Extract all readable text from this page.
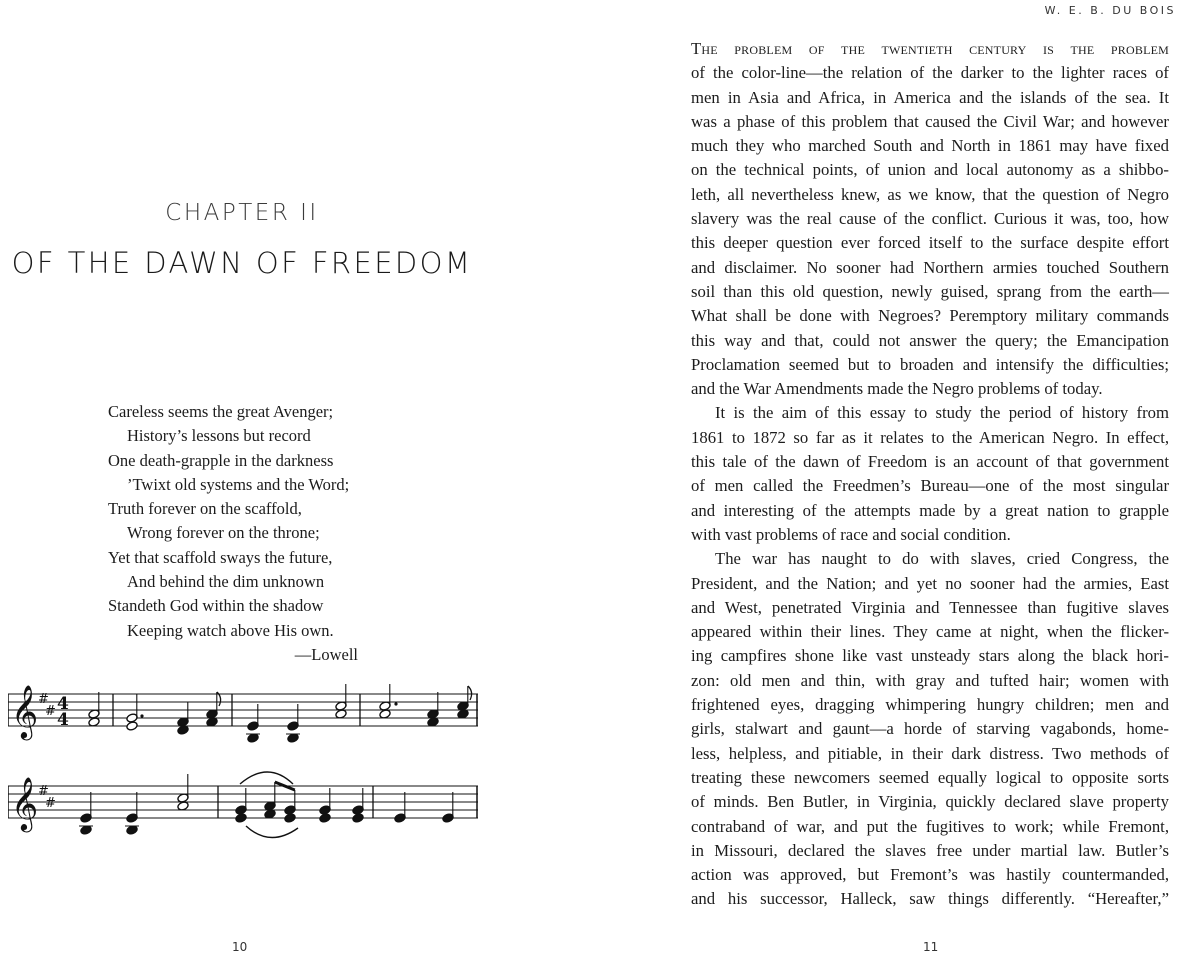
CHAPTER II
OF THE DAWN OF FREEDOM
Careless seems the great Avenger;
History’s lessons but record
One death-grapple in the darkness
’Twixt old systems and the Word;
Truth forever on the scaffold,
Wrong forever on the throne;
Yet that scaffold sways the future,
And behind the dim unknown
Standeth God within the shadow
Keeping watch above His own.
—Lowell
𝄞 #
# 4
4
𝄞 #
#
10
W. E. B. DU BOIS
The problem of the twentieth century is the problem
of the color-line—the relation of the darker to the lighter races of
men in Asia and Africa, in America and the islands of the sea. It
was a phase of this problem that caused the Civil War; and however
much they who marched South and North in 1861 may have fixed
on the technical points, of union and local autonomy as a shibbo-
leth, all nevertheless knew, as we know, that the question of Negro
slavery was the real cause of the conflict. Curious it was, too, how
this deeper question ever forced itself to the surface despite effort
and disclaimer. No sooner had Northern armies touched Southern
soil than this old question, newly guised, sprang from the earth—
What shall be done with Negroes? Peremptory military commands
this way and that, could not answer the query; the Emancipation
Proclamation seemed but to broaden and intensify the difficulties;
and the War Amendments made the Negro problems of today.
It is the aim of this essay to study the period of history from
1861 to 1872 so far as it relates to the American Negro. In effect,
this tale of the dawn of Freedom is an account of that government
of men called the Freedmen’s Bureau—one of the most singular
and interesting of the attempts made by a great nation to grapple
with vast problems of race and social condition.
The war has naught to do with slaves, cried Congress, the
President, and the Nation; and yet no sooner had the armies, East
and West, penetrated Virginia and Tennessee than fugitive slaves
appeared within their lines. They came at night, when the flicker-
ing campfires shone like vast unsteady stars along the black hori-
zon: old men and thin, with gray and tufted hair; women with
frightened eyes, dragging whimpering hungry children; men and
girls, stalwart and gaunt—a horde of starving vagabonds, home-
less, helpless, and pitiable, in their dark distress. Two methods of
treating these newcomers seemed equally logical to opposite sorts
of minds. Ben Butler, in Virginia, quickly declared slave property
contraband of war, and put the fugitives to work; while Fremont,
in Missouri, declared the slaves free under martial law. Butler’s
action was approved, but Fremont’s was hastily countermanded,
and his successor, Halleck, saw things differently. “Hereafter,”
11
